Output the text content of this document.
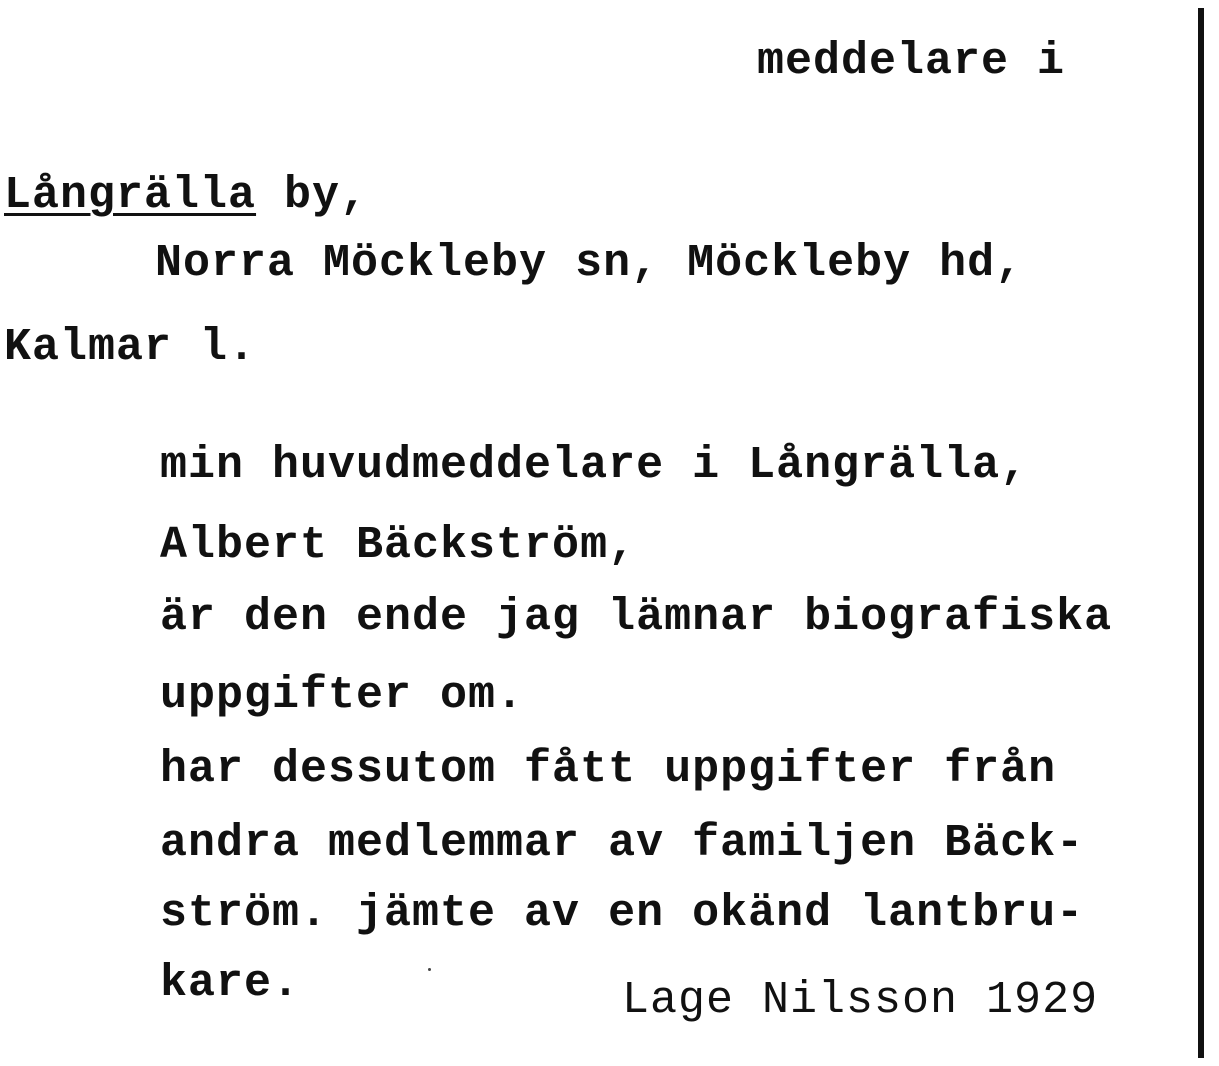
meddelare i
Långrälla by,
Norra Möckleby sn, Möckleby hd,
Kalmar l.
min huvudmeddelare i Långrälla,
Albert Bäckström,
är den ende jag lämnar biografiska
uppgifter om.
har dessutom fått uppgifter från
andra medlemmar av familjen Bäck-
ström. jämte av en okänd lantbru-
kare.	Lage Nilsson 1929
